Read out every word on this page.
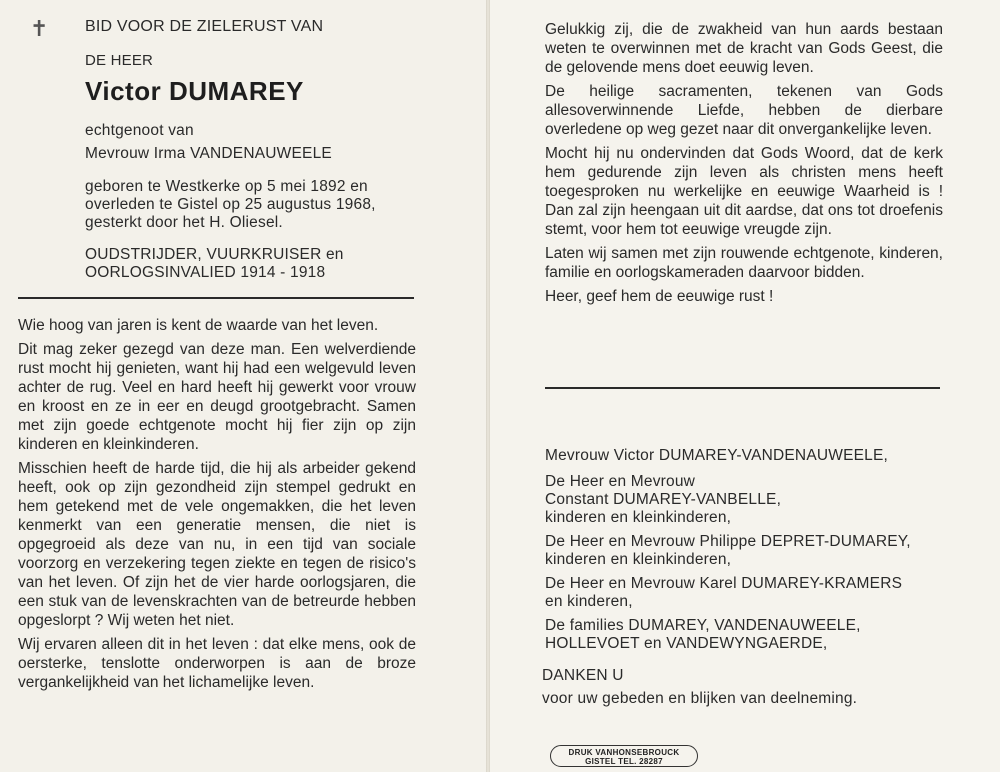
✝ BID VOOR DE ZIELERUST VAN
DE HEER
Victor DUMAREY
echtgenoot van
Mevrouw Irma VANDENAUWEELE
geboren te Westkerke op 5 mei 1892 en
overleden te Gistel op 25 augustus 1968,
gesterkt door het H. Oliesel.
OUDSTRIJDER, VUURKRUISER en
OORLOGSINVALIED 1914 - 1918

Wie hoog van jaren is kent de waarde van het leven.

Dit mag zeker gezegd van deze man. Een welverdiende rust mocht hij genieten, want hij had een welgevuld leven achter de rug. Veel en hard heeft hij gewerkt voor vrouw en kroost en ze in eer en deugd grootgebracht. Samen met zijn goede echtgenote mocht hij fier zijn op zijn kinderen en kleinkinderen.

Misschien heeft de harde tijd, die hij als arbeider gekend heeft, ook op zijn gezondheid zijn stempel gedrukt en hem getekend met de vele ongemakken, die het leven kenmerkt van een generatie mensen, die niet is opgegroeid als deze van nu, in een tijd van sociale voorzorg en verzekering tegen ziekte en tegen de risico's van het leven. Of zijn het de vier harde oorlogsjaren, die een stuk van de levenskrachten van de betreurde hebben opgeslorpt ? Wij weten het niet.

Wij ervaren alleen dit in het leven : dat elke mens, ook de oersterke, tenslotte onderworpen is aan de broze vergankelijkheid van het lichamelijke leven.

Gelukkig zij, die de zwakheid van hun aards bestaan weten te overwinnen met de kracht van Gods Geest, die de gelovende mens doet eeuwig leven.

De heilige sacramenten, tekenen van Gods allesoverwinnende Liefde, hebben de dierbare overledene op weg gezet naar dit onvergankelijke leven.

Mocht hij nu ondervinden dat Gods Woord, dat de kerk hem gedurende zijn leven als christen mens heeft toegesproken nu werkelijke en eeuwige Waarheid is ! Dan zal zijn heengaan uit dit aardse, dat ons tot droefenis stemt, voor hem tot eeuwige vreugde zijn.

Laten wij samen met zijn rouwende echtgenote, kinderen, familie en oorlogskameraden daarvoor bidden.

Heer, geef hem de eeuwige rust !

Mevrouw Victor DUMAREY-VANDENAUWEELE,
De Heer en Mevrouw
Constant DUMAREY-VANBELLE,
kinderen en kleinkinderen,
De Heer en Mevrouw Philippe DEPRET-DUMAREY,
kinderen en kleinkinderen,
De Heer en Mevrouw Karel DUMAREY-KRAMERS
en kinderen,
De families DUMAREY, VANDENAUWEELE,
HOLLEVOET en VANDEWYNGAERDE,
DANKEN U
voor uw gebeden en blijken van deelneming.
DRUK VANHONSEBROUCK
GISTEL TEL. 28287
